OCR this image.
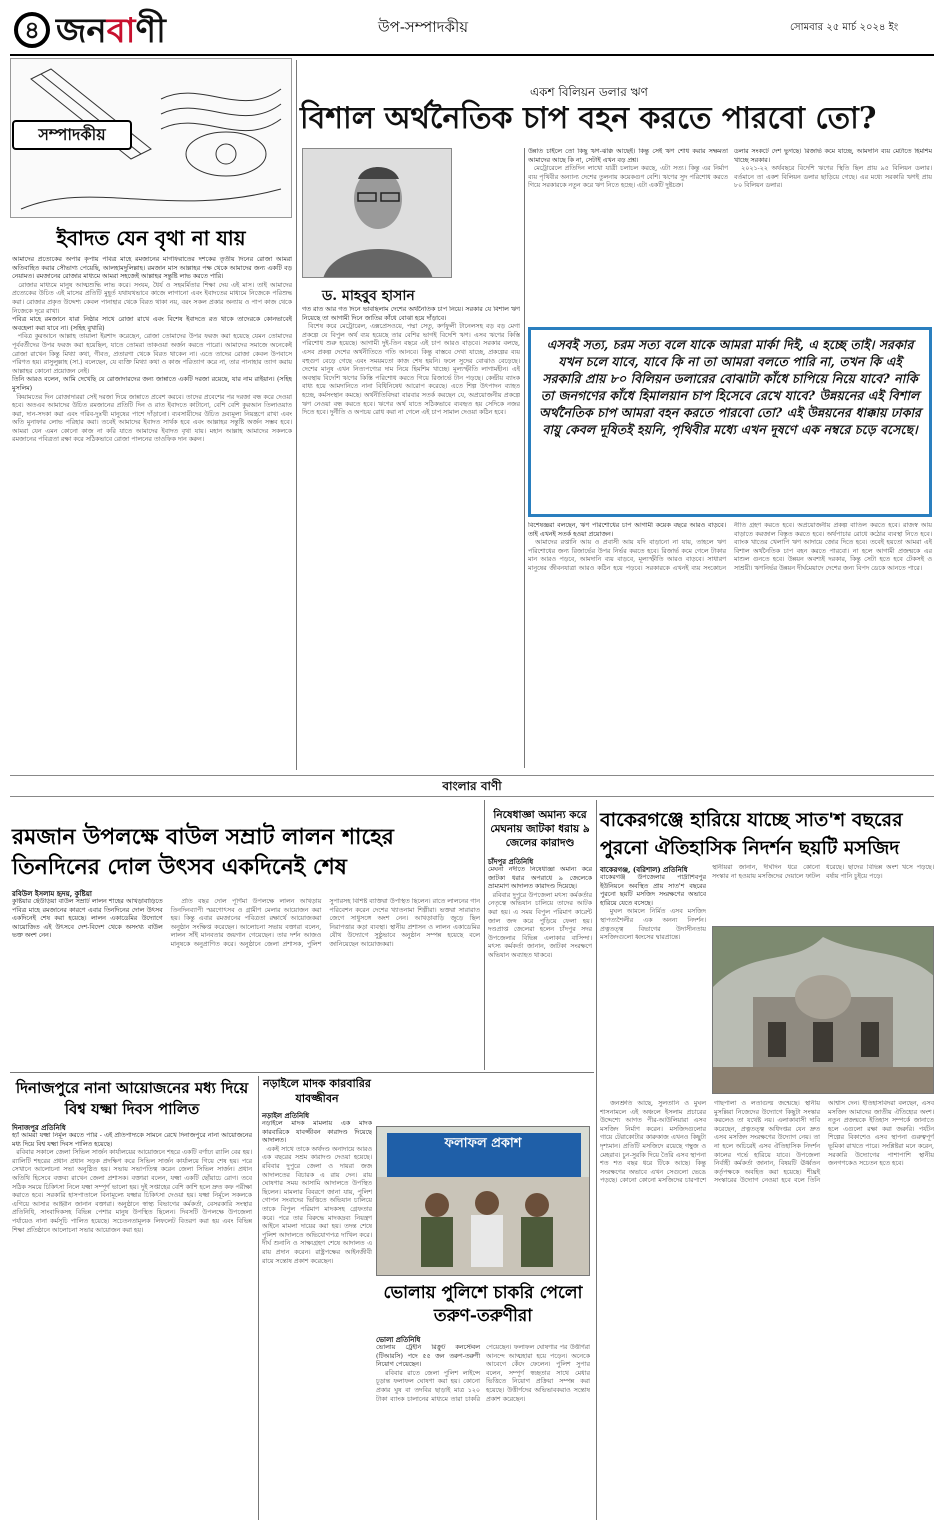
৪ জনবাণী	উপ-সম্পাদকীয়	সোমবার ২৫ মার্চ ২০২৪ ইং
সম্পাদকীয়
ইবাদত যেন বৃথা না যায়

আমাদের প্রত্যেকের অপার কৃপায় পবিত্র মাহে রমজানের মাগফিরাতের দশকের তৃতীয় দিনের রোজা আমরা অতিবাহিত করার সৌভাগ্য পেয়েছি, আলহামদুলিল্লাহ। রমজান মাস আল্লাহর পক্ষ থেকে আমাদের জন্য একটি বড় নেয়ামত। রমজানের রোজার মাধ্যমে আমরা সহজেই আল্লাহর সন্তুষ্টি লাভ করতে পারি।

রোজার মাধ্যমে মানুষ আত্মশুদ্ধি লাভ করে। সংযম, ধৈর্য ও সহমর্মিতার শিক্ষা দেয় এই মাস। তাই আমাদের প্রত্যেকের উচিত এই মাসের প্রতিটি মুহূর্ত যথাযথভাবে কাজে লাগানো এবং ইবাদতের মাধ্যমে নিজেকে পরিশুদ্ধ করা। রোজার প্রকৃত উদ্দেশ্য কেবল পানাহার থেকে বিরত থাকা নয়, বরং সকল প্রকার অন্যায় ও পাপ কাজ থেকে নিজেকে দূরে রাখা।

পবিত্র মাহে রমজানে যারা নিষ্ঠার সাথে রোজা রাখে এবং বিশেষ ইবাদতে রত থাকে তাদেরকে কোনভাবেই অবহেলা করা যাবে না। (সহিহ বুখারি)

পবিত্র কুরআনে আল্লাহ তায়ালা ইরশাদ করেছেন, রোজা তোমাদের উপর ফরজ করা হয়েছে যেমন তোমাদের পূর্ববর্তীদের উপর ফরজ করা হয়েছিল, যাতে তোমরা তাকওয়া অর্জন করতে পারো। আমাদের সমাজে অনেকেই রোজা রাখেন কিন্তু মিথ্যা কথা, গীবত, প্রতারণা থেকে বিরত থাকেন না। এতে তাদের রোজা কেবল উপবাসে পরিণত হয়। রাসুলুল্লাহ (সা.) বলেছেন, যে ব্যক্তি মিথ্যা কথা ও কাজ পরিত্যাগ করে না, তার পানাহার ত্যাগ করায় আল্লাহর কোনো প্রয়োজন নেই।

তিনি আরও বলেন, আমি দেখেছি যে রোজাদারদের জন্য জান্নাতে একটি দরজা রয়েছে, যার নাম রাইয়ান। (সহিহ মুসলিম)

কিয়ামতের দিন রোজাদাররা সেই দরজা দিয়ে জান্নাতে প্রবেশ করবে। তাদের প্রবেশের পর দরজা বন্ধ করে দেওয়া হবে। অতএব আমাদের উচিত রমজানের প্রতিটি দিন ও রাত ইবাদতে কাটানো, বেশি বেশি কুরআন তিলাওয়াত করা, দান-সদকা করা এবং গরিব-দুঃখী মানুষের পাশে দাঁড়ানো। ব্যবসায়ীদের উচিত দ্রব্যমূল্য নিয়ন্ত্রণে রাখা এবং অতি মুনাফার লোভ পরিহার করা। তবেই আমাদের ইবাদত সার্থক হবে এবং আল্লাহর সন্তুষ্টি অর্জন সম্ভব হবে। আমরা যেন এমন কোনো কাজ না করি যাতে আমাদের ইবাদত বৃথা যায়। মহান আল্লাহ আমাদের সকলকে রমজানের পবিত্রতা রক্ষা করে সঠিকভাবে রোজা পালনের তাওফিক দান করুন।

একশ বিলিয়ন ডলার ঋণ
বিশাল অর্থনৈতিক চাপ বহন করতে পারবো তো?
ড. মাহবুব হাসান

গত রাত আর গত দিনে ভাবছিলাম দেশের অর্থনৈতিক চাপ নিয়ে। সরকার যে বিশাল ঋণ নিয়েছে তা আগামী দিনে জাতির কাঁধে বোঝা হয়ে দাঁড়াবে।

বিশেষ করে মেট্রোরেল, এক্সপ্রেসওয়ে, পদ্মা সেতু, কর্ণফুলী টানেলসহ বড় বড় মেগা প্রকল্পে যে বিপুল অর্থ ব্যয় হয়েছে তার বেশির ভাগই বিদেশি ঋণ। এসব ঋণের কিস্তি পরিশোধ শুরু হয়েছে। আগামী দুই-তিন বছরে এই চাপ আরও বাড়বে। সরকার বলছে, এসব প্রকল্প দেশের অর্থনীতিতে গতি আনবে। কিন্তু বাস্তবে দেখা যাচ্ছে, প্রকল্পের ব্যয় বহুগুণ বেড়ে গেছে এবং সময়মতো কাজ শেষ হয়নি। ফলে সুদের বোঝাও বেড়েছে। দেশের মানুষ এখন নিত্যপণ্যের দাম নিয়ে হিমশিম খাচ্ছে। মূল্যস্ফীতি লাগামহীন। এই অবস্থায় বিদেশি ঋণের কিস্তি পরিশোধ করতে গিয়ে রিজার্ভে টান পড়ছে। কেন্দ্রীয় ব্যাংক বাধ্য হয়ে আমদানিতে নানা বিধিনিষেধ আরোপ করেছে। এতে শিল্প উৎপাদন ব্যাহত হচ্ছে, কর্মসংস্থান কমছে। অর্থনীতিবিদরা বারবার সতর্ক করছেন যে, অপ্রয়োজনীয় প্রকল্পে ঋণ নেওয়া বন্ধ করতে হবে। ঋণের অর্থ যাতে সঠিকভাবে ব্যবহৃত হয় সেদিকে নজর দিতে হবে। দুর্নীতি ও অপচয় রোধ করা না গেলে এই চাপ সামাল দেওয়া কঠিন হবে।

উন্নতি চাইলে তো কিছু ঋণ-ঝক্কি আছেই। কিন্তু সেই ঋণ শোধ করার সক্ষমতা আমাদের আছে কি না, সেটাই এখন বড় প্রশ্ন।

মেট্রোরেলে প্রতিদিন লাখো যাত্রী চলাচল করছে, এটা সত্য। কিন্তু এর নির্মাণ ব্যয় পৃথিবীর অন্যান্য দেশের তুলনায় কয়েকগুণ বেশি। ঋণের সুদ পরিশোধ করতে গিয়ে সরকারকে নতুন করে ঋণ নিতে হচ্ছে। এটা একটি দুষ্টচক্র।

ডলার সংকটে দেশ ভুগছে। রিজার্ভ কমে যাচ্ছে, আমদানি ব্যয় মেটাতে হিমশিম খাচ্ছে সরকার।

২০২১-২২ অর্থবছরে বিদেশি ঋণের স্থিতি ছিল প্রায় ৯৫ বিলিয়ন ডলার। বর্তমানে তা একশ বিলিয়ন ডলার ছাড়িয়ে গেছে। এর মধ্যে সরকারি ঋণই প্রায় ৮০ বিলিয়ন ডলার।

এসবই সত্য, চরম সত্য বলে যাকে আমরা মার্কা দিই, এ হচ্ছে তাই। সরকার যখন চলে যাবে, যাবে কি না তা আমরা বলতে পারি না, তখন কি এই সরকারি প্রায় ৮০ বিলিয়ন ডলারের বোঝাটা কাঁধে চাপিয়ে নিয়ে যাবে? নাকি তা জনগণের কাঁধে হিমালয়ান চাপ হিসেবে রেখে যাবে? উন্নয়নের এই বিশাল অর্থনৈতিক চাপ আমরা বহন করতে পারবো তো? এই উন্নয়নের ধাক্কায় ঢাকার বায়ু কেবল দূষিতই হয়নি, পৃথিবীর মধ্যে এখন দূষণে এক নম্বরে চড়ে বসেছে।

বিশেষজ্ঞরা বলছেন, ঋণ পরিশোধের চাপ আগামী কয়েক বছরে আরও বাড়বে। তাই এখনই সতর্ক হওয়া প্রয়োজন।

আমাদের রপ্তানি আয় ও প্রবাসী আয় যদি বাড়ানো না যায়, তাহলে ঋণ পরিশোধের জন্য রিজার্ভের উপর নির্ভর করতে হবে। রিজার্ভ কমে গেলে টাকার মান আরও পড়বে, আমদানি ব্যয় বাড়বে, মূল্যস্ফীতি আরও বাড়বে। সাধারণ মানুষের জীবনযাত্রা আরও কঠিন হয়ে পড়বে। সরকারকে এখনই ব্যয় সংকোচন নীতি গ্রহণ করতে হবে। অপ্রয়োজনীয় প্রকল্প বাতিল করতে হবে। রাজস্ব আয় বাড়াতে করজাল বিস্তৃত করতে হবে। অর্থপাচার রোধে কঠোর ব্যবস্থা নিতে হবে। ব্যাংক খাতের খেলাপি ঋণ আদায়ে জোর দিতে হবে। তবেই হয়তো আমরা এই বিশাল অর্থনৈতিক চাপ বহন করতে পারবো। না হলে আগামী প্রজন্মকে এর মাশুল গুনতে হবে। উন্নয়ন অবশ্যই দরকার, কিন্তু সেটা হতে হবে টেকসই ও সাশ্রয়ী। ঋণনির্ভর উন্নয়ন দীর্ঘমেয়াদে দেশের জন্য বিপদ ডেকে আনতে পারে।

বাংলার বাণী
রমজান উপলক্ষে বাউল সম্রাট লালন শাহের তিনদিনের দোল উৎসব একদিনেই শেষ
রবিউল ইসলাম হৃদয়, কুষ্টিয়া

কুষ্টিয়ার ছেঁউড়িয়া বাউল সম্রাট লালন শাহের আখড়াবাড়িতে পবিত্র মাহে রমজানের কারণে এবার তিনদিনের দোল উৎসব একদিনেই শেষ করা হয়েছে। লালন একাডেমির উদ্যোগে আয়োজিত এই উৎসবে দেশ-বিদেশ থেকে অসংখ্য বাউল ভক্ত অংশ নেন।

প্রতি বছর দোল পূর্ণিমা উপলক্ষে লালন আখড়ায় তিনদিনব্যাপী স্মরণোৎসব ও গ্রামীণ মেলার আয়োজন করা হয়। কিন্তু এবার রমজানের পবিত্রতা রক্ষার্থে আয়োজকরা অনুষ্ঠান সংক্ষিপ্ত করেছেন। আলোচনা সভায় বক্তারা বলেন, লালন সাঁই মানবতার জয়গান গেয়েছেন। তার দর্শন আজও মানুষকে অনুপ্রাণিত করে। অনুষ্ঠানে জেলা প্রশাসক, পুলিশ সুপারসহ বিশিষ্ট ব্যক্তিরা উপস্থিত ছিলেন। রাতে লালনের গান পরিবেশন করেন দেশের খ্যাতনামা শিল্পীরা। ভক্তরা সারারাত জেগে সাধুসঙ্গে অংশ নেন। আখড়াবাড়ি জুড়ে ছিল নিরাপত্তার কড়া ব্যবস্থা। স্থানীয় প্রশাসন ও লালন একাডেমির যৌথ উদ্যোগে সুষ্ঠুভাবে অনুষ্ঠান সম্পন্ন হয়েছে বলে জানিয়েছেন আয়োজকরা।

নিষেধাজ্ঞা অমান্য করে মেঘনায় জাটকা ধরায় ৯ জেলের কারাদণ্ড
চাঁদপুর প্রতিনিধি

মেঘনা নদীতে নিষেধাজ্ঞা অমান্য করে জাটকা ধরার অপরাধে ৯ জেলেকে ভ্রাম্যমাণ আদালত কারাদণ্ড দিয়েছে।

রবিবার দুপুরে উপজেলা মৎস্য কর্মকর্তার নেতৃত্বে অভিযান চালিয়ে তাদের আটক করা হয়। এ সময় বিপুল পরিমাণ কারেন্ট জাল জব্দ করে পুড়িয়ে ফেলা হয়। দণ্ডপ্রাপ্ত জেলেরা হলেন চাঁদপুর সদর উপজেলার বিভিন্ন এলাকার বাসিন্দা। মৎস্য কর্মকর্তা জানান, জাটকা সংরক্ষণে অভিযান অব্যাহত থাকবে।

বাকেরগঞ্জে হারিয়ে যাচ্ছে সাত'শ বছরের পুরনো ঐতিহাসিক নিদর্শন ছয়টি মসজিদ
বাকেরগঞ্জ, (বরিশাল) প্রতিনিধি

বাকেরগঞ্জ উপজেলার পাদ্রীশিবপুর ইউনিয়নে অবস্থিত প্রায় সাত'শ বছরের পুরনো ছয়টি মসজিদ সংরক্ষণের অভাবে হারিয়ে যেতে বসেছে।

মুঘল আমলে নির্মিত এসব মসজিদ স্থাপত্যশৈলীর এক অনন্য নিদর্শন। প্রত্নতত্ত্ব বিভাগের উদাসীনতায় মসজিদগুলো ধ্বংসের দ্বারপ্রান্তে।

স্থানীয়রা জানান, দীর্ঘদিন ধরে কোনো সংস্কার না হওয়ায় মসজিদের দেয়ালে ফাটল ধরেছে। ছাদের বিভিন্ন অংশ খসে পড়ছে। বর্ষায় পানি চুইয়ে পড়ে।

জনশ্রুতি আছে, সুলতানি ও মুঘল শাসনামলে এই অঞ্চলে ইসলাম প্রচারের উদ্দেশ্যে আগত পীর-আউলিয়ারা এসব মসজিদ নির্মাণ করেন। মসজিদগুলোর গায়ে টেরাকোটার কারুকাজ এখনও কিছুটা দৃশ্যমান। প্রতিটি মসজিদে রয়েছে গম্বুজ ও মেহরাব। চুন-সুরকি দিয়ে তৈরি এসব স্থাপনা শত শত বছর ধরে টিকে আছে। কিন্তু সংরক্ষণের অভাবে এখন সেগুলো ভেঙে পড়ছে। কোনো কোনো মসজিদের চারপাশে গাছপালা ও লতাগুল্ম জন্মেছে। স্থানীয় মুসল্লিরা নিজেদের উদ্যোগে কিছুটা সংস্কার করলেও তা যথেষ্ট নয়। এলাকাবাসী দাবি করেছেন, প্রত্নতত্ত্ব অধিদপ্তর যেন দ্রুত এসব মসজিদ সংরক্ষণের উদ্যোগ নেয়। তা না হলে অচিরেই এসব ঐতিহাসিক নিদর্শন কালের গর্ভে হারিয়ে যাবে। উপজেলা নির্বাহী কর্মকর্তা জানান, বিষয়টি ঊর্ধ্বতন কর্তৃপক্ষকে অবহিত করা হয়েছে। শীঘ্রই সংস্কারের উদ্যোগ নেওয়া হবে বলে তিনি আশ্বাস দেন। ইতিহাসবিদরা বলছেন, এসব মসজিদ আমাদের জাতীয় ঐতিহ্যের অংশ। নতুন প্রজন্মকে ইতিহাস সম্পর্কে জানাতে হলে এগুলো রক্ষা করা জরুরি। পর্যটন শিল্পের বিকাশেও এসব স্থাপনা গুরুত্বপূর্ণ ভূমিকা রাখতে পারে। সংশ্লিষ্টরা মনে করেন, সরকারি উদ্যোগের পাশাপাশি স্থানীয় জনগণকেও সচেতন হতে হবে।

দিনাজপুরে নানা আয়োজনের মধ্য দিয়ে বিশ্ব যক্ষ্মা দিবস পালিত
দিনাজপুর প্রতিনিধি

হ্যাঁ আমরা যক্ষ্মা নির্মূল করতে পারি - এই প্রতিপাদ্যকে সামনে রেখে দিনাজপুরে নানা আয়োজনের মধ্য দিয়ে বিশ্ব যক্ষ্মা দিবস পালিত হয়েছে।

রবিবার সকালে জেলা সিভিল সার্জন কার্যালয়ের আয়োজনে শহরে একটি বর্ণাঢ্য র‍্যালি বের হয়। র‍্যালিটি শহরের প্রধান প্রধান সড়ক প্রদক্ষিণ করে সিভিল সার্জন কার্যালয়ে গিয়ে শেষ হয়। পরে সেখানে আলোচনা সভা অনুষ্ঠিত হয়। সভায় সভাপতিত্ব করেন জেলা সিভিল সার্জন। প্রধান অতিথি হিসেবে বক্তব্য রাখেন জেলা প্রশাসক। বক্তারা বলেন, যক্ষ্মা একটি ছোঁয়াচে রোগ। তবে সঠিক সময়ে চিকিৎসা নিলে যক্ষ্মা সম্পূর্ণ ভালো হয়। দুই সপ্তাহের বেশি কাশি হলে দ্রুত কফ পরীক্ষা করাতে হবে। সরকারি হাসপাতালে বিনামূল্যে যক্ষ্মার চিকিৎসা দেওয়া হয়। যক্ষ্মা নির্মূলে সকলকে এগিয়ে আসার আহ্বান জানান বক্তারা। অনুষ্ঠানে স্বাস্থ্য বিভাগের কর্মকর্তা, বেসরকারি সংস্থার প্রতিনিধি, সাংবাদিকসহ বিভিন্ন পেশার মানুষ উপস্থিত ছিলেন। দিবসটি উপলক্ষে উপজেলা পর্যায়েও নানা কর্মসূচি পালিত হয়েছে। সচেতনতামূলক লিফলেট বিতরণ করা হয় এবং বিভিন্ন শিক্ষা প্রতিষ্ঠানে আলোচনা সভার আয়োজন করা হয়।

নড়াইলে মাদক কারবারির যাবজ্জীবন
নড়াইল প্রতিনিধি

নড়াইলে মাদক মামলায় এক মাদক কারবারিকে যাবজ্জীবন কারাদণ্ড দিয়েছে আদালত।

একই সাথে তাকে অর্থদণ্ড অনাদায়ে আরও এক বছরের সশ্রম কারাদণ্ড দেওয়া হয়েছে। রবিবার দুপুরে জেলা ও দায়রা জজ আদালতের বিচারক এ রায় দেন। রায় ঘোষণার সময় আসামি আদালতে উপস্থিত ছিলেন। মামলার বিবরণে জানা যায়, পুলিশ গোপন সংবাদের ভিত্তিতে অভিযান চালিয়ে তাকে বিপুল পরিমাণ মাদকসহ গ্রেফতার করে। পরে তার বিরুদ্ধে মাদকদ্রব্য নিয়ন্ত্রণ আইনে মামলা দায়ের করা হয়। তদন্ত শেষে পুলিশ আদালতে অভিযোগপত্র দাখিল করে। দীর্ঘ শুনানি ও সাক্ষ্যগ্রহণ শেষে আদালত এ রায় প্রদান করেন। রাষ্ট্রপক্ষের আইনজীবী রায়ে সন্তোষ প্রকাশ করেছেন।

ফলাফল প্রকাশ
ভোলায় পুলিশে চাকরি পেলো তরুণ-তরুণীরা
ভোলা প্রতিনিধি

ভোলায় ট্রেইনি রিক্রুট কনস্টেবল (টিআরসি) পদে ৫৫ জন তরুণ-তরুণী নিয়োগ পেয়েছেন।

রবিবার রাতে জেলা পুলিশ লাইন্সে চূড়ান্ত ফলাফল ঘোষণা করা হয়। কোনো প্রকার ঘুষ বা তদবির ছাড়াই মাত্র ১২০ টাকা ব্যাংক চালানের মাধ্যমে তারা চাকরি পেয়েছেন। ফলাফল ঘোষণার পর উত্তীর্ণরা আনন্দে আত্মহারা হয়ে পড়েন। অনেকে আবেগে কেঁদে ফেলেন। পুলিশ সুপার বলেন, সম্পূর্ণ স্বচ্ছতার সাথে মেধার ভিত্তিতে নিয়োগ প্রক্রিয়া সম্পন্ন করা হয়েছে। উত্তীর্ণদের অভিভাবকরাও সন্তোষ প্রকাশ করেছেন।
